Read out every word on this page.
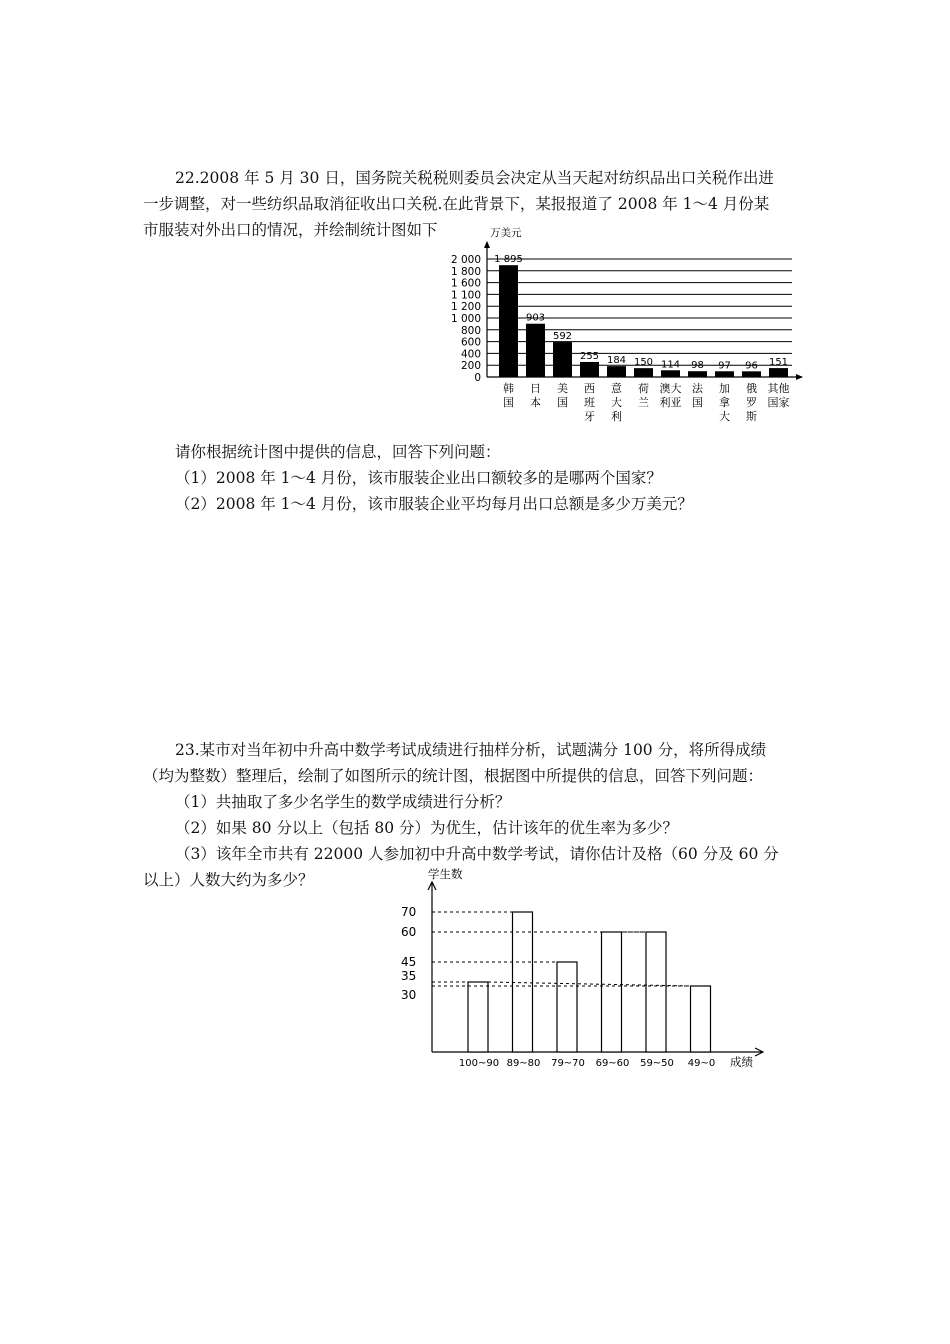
22.2008 年 5 月 30 日，国务院关税税则委员会决定从当天起对纺织品出口关税作出进
一步调整，对一些纺织品取消征收出口关税.在此背景下，某报报道了 2008 年 1～4 月份某
市服装对外出口的情况，并绘制统计图如下
0
200
400
600
800
1 000
1 200
1 100
1 600
1 800
2 000
万美元
1 895
韩国
903
日本
592
美国
255
西班牙
184
意大利
150
荷兰
114
澳大利亚
98
法国
97
加拿大
96
俄罗斯
151
其他国家
请你根据统计图中提供的信息，回答下列问题：
（1）2008 年 1～4 月份，该市服装企业出口额较多的是哪两个国家？
（2）2008 年 1～4 月份，该市服装企业平均每月出口总额是多少万美元？
23.某市对当年初中升高中数学考试成绩进行抽样分析，试题满分 100 分，将所得成绩
（均为整数）整理后，绘制了如图所示的统计图，根据图中所提供的信息，回答下列问题：
（1）共抽取了多少名学生的数学成绩进行分析？
（2）如果 80 分以上（包括 80 分）为优生，估计该年的优生率为多少？
（3）该年全市共有 22000 人参加初中升高中数学考试，请你估计及格（60 分及 60 分
以上）人数大约为多少？	学生数
成绩
30
35
45
60
70
100~90 89~80 79~70 69~60 59~50 49~0
